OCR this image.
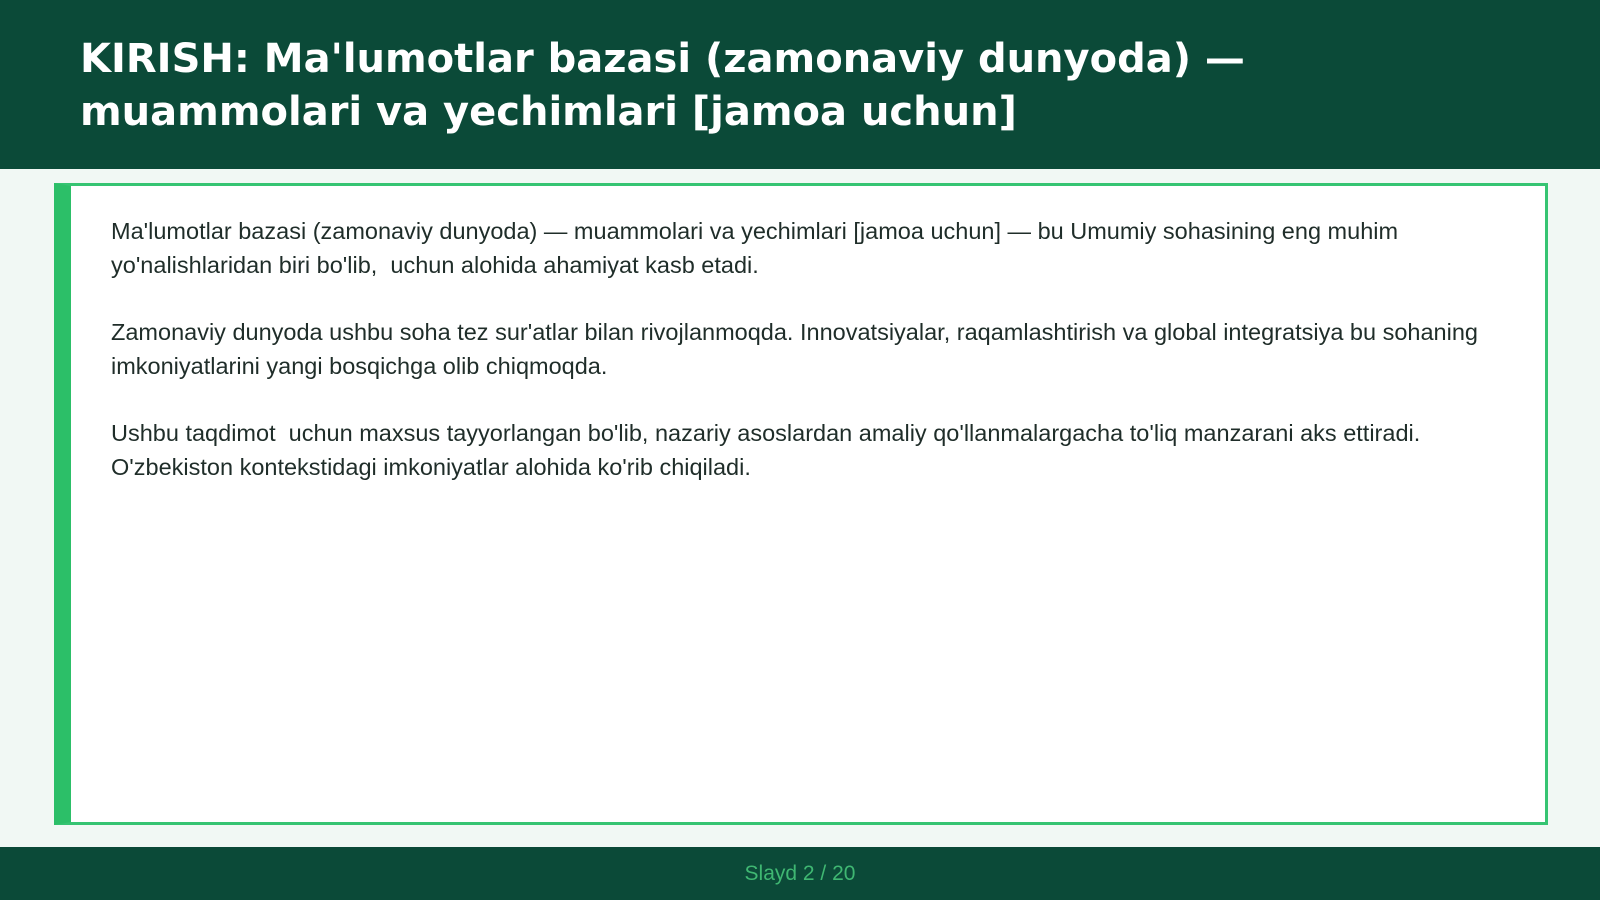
KIRISH: Ma'lumotlar bazasi (zamonaviy dunyoda) — muammolari va yechimlari [jamoa uchun]

Ma'lumotlar bazasi (zamonaviy dunyoda) — muammolari va yechimlari [jamoa uchun] — bu Umumiy sohasining eng muhim yo'nalishlaridan biri bo'lib,  uchun alohida ahamiyat kasb etadi.

Zamonaviy dunyoda ushbu soha tez sur'atlar bilan rivojlanmoqda. Innovatsiyalar, raqamlashtirish va global integratsiya bu sohaning imkoniyatlarini yangi bosqichga olib chiqmoqda.

Ushbu taqdimot  uchun maxsus tayyorlangan bo'lib, nazariy asoslardan amaliy qo'llanmalargacha to'liq manzarani aks ettiradi. O'zbekiston kontekstidagi imkoniyatlar alohida ko'rib chiqiladi.

Slayd 2 / 20
